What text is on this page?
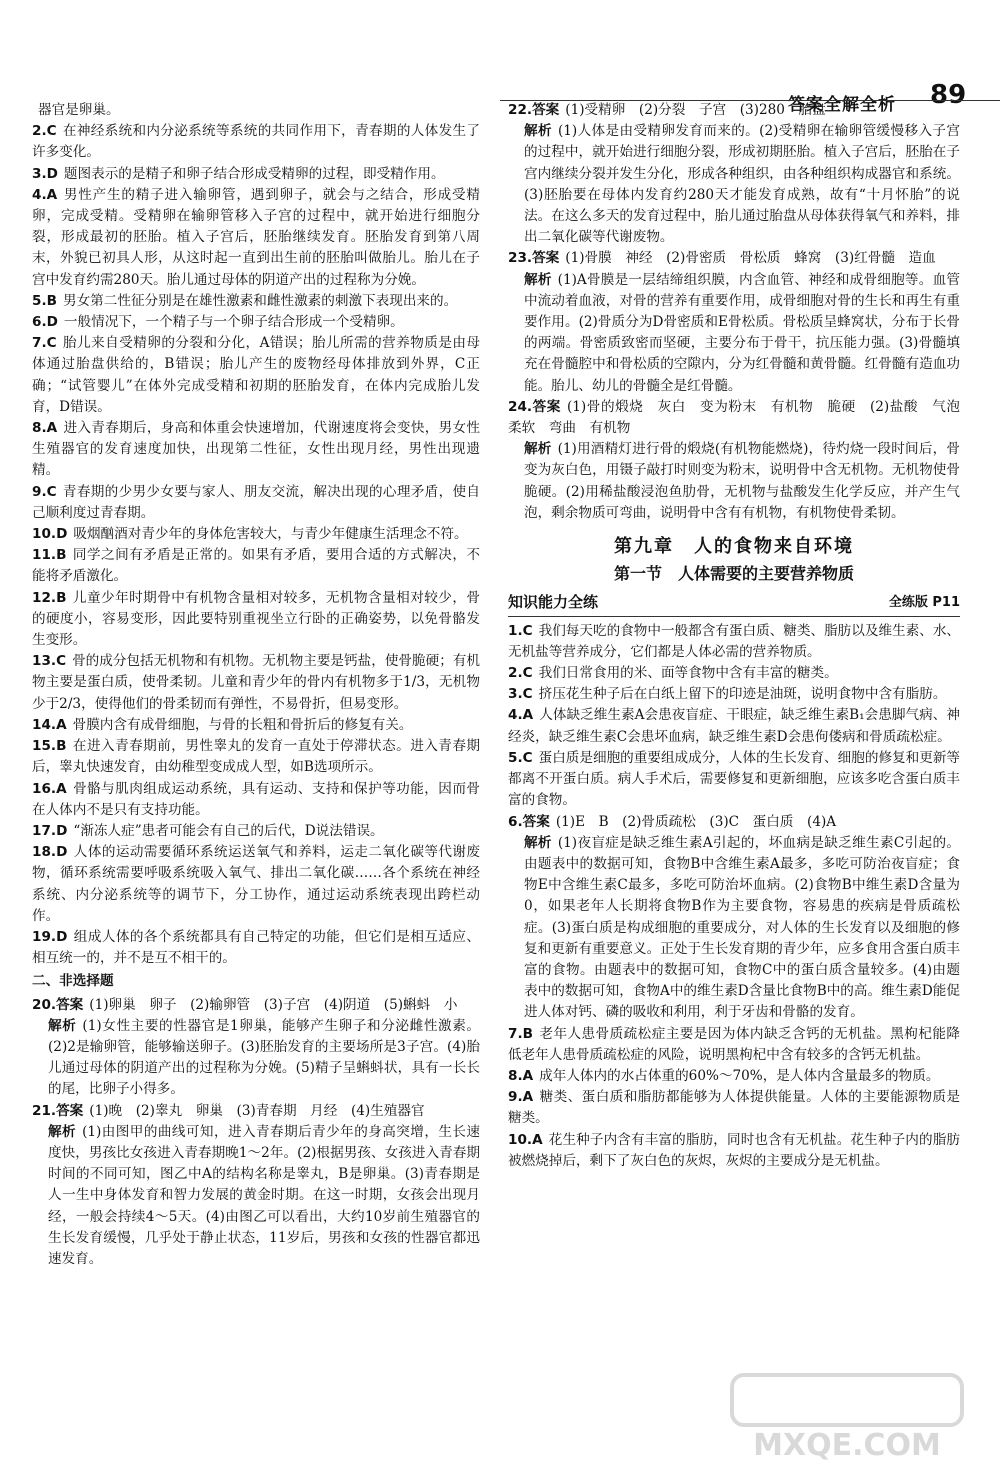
答案全解全析 89

器官是卵巢。

2.C 在神经系统和内分泌系统等系统的共同作用下，青春期的人体发生了许多变化。

3.D 题图表示的是精子和卵子结合形成受精卵的过程，即受精作用。

4.A 男性产生的精子进入输卵管，遇到卵子，就会与之结合，形成受精卵，完成受精。受精卵在输卵管移入子宫的过程中，就开始进行细胞分裂，形成最初的胚胎。植入子宫后，胚胎继续发育。胚胎发育到第八周末，外貌已初具人形，从这时起一直到出生前的胚胎叫做胎儿。胎儿在子宫中发育约需280天。胎儿通过母体的阴道产出的过程称为分娩。

5.B 男女第二性征分别是在雄性激素和雌性激素的刺激下表现出来的。

6.D 一般情况下，一个精子与一个卵子结合形成一个受精卵。

7.C 胎儿来自受精卵的分裂和分化，A错误；胎儿所需的营养物质是由母体通过胎盘供给的，B错误；胎儿产生的废物经母体排放到外界，C正确；“试管婴儿”在体外完成受精和初期的胚胎发育，在体内完成胎儿发育，D错误。

8.A 进入青春期后，身高和体重会快速增加，代谢速度将会变快，男女性生殖器官的发育速度加快，出现第二性征，女性出现月经，男性出现遗精。

9.C 青春期的少男少女要与家人、朋友交流，解决出现的心理矛盾，使自己顺利度过青春期。

10.D 吸烟酗酒对青少年的身体危害较大，与青少年健康生活理念不符。

11.B 同学之间有矛盾是正常的。如果有矛盾，要用合适的方式解决，不能将矛盾激化。

12.B 儿童少年时期骨中有机物含量相对较多，无机物含量相对较少，骨的硬度小，容易变形，因此要特别重视坐立行卧的正确姿势，以免骨骼发生变形。

13.C 骨的成分包括无机物和有机物。无机物主要是钙盐，使骨脆硬；有机物主要是蛋白质，使骨柔韧。儿童和青少年的骨内有机物多于1/3，无机物少于2/3，使得他们的骨柔韧而有弹性，不易骨折，但易变形。

14.A 骨膜内含有成骨细胞，与骨的长粗和骨折后的修复有关。

15.B 在进入青春期前，男性睾丸的发育一直处于停滞状态。进入青春期后，睾丸快速发育，由幼稚型变成成人型，如B选项所示。

16.A 骨骼与肌肉组成运动系统，具有运动、支持和保护等功能，因而骨在人体内不是只有支持功能。

17.D “渐冻人症”患者可能会有自己的后代，D说法错误。

18.D 人体的运动需要循环系统运送氧气和养料，运走二氧化碳等代谢废物，循环系统需要呼吸系统吸入氧气、排出二氧化碳……各个系统在神经系统、内分泌系统等的调节下，分工协作，通过运动系统表现出跨栏动作。

19.D 组成人体的各个系统都具有自己特定的功能，但它们是相互适应、相互统一的，并不是互不相干的。

二、非选择题

20.答案 (1)卵巢　卵子　(2)输卵管　(3)子宫　(4)阴道　(5)蝌蚪　小

解析 (1)女性主要的性器官是1卵巢，能够产生卵子和分泌雌性激素。(2)2是输卵管，能够输送卵子。(3)胚胎发育的主要场所是3子宫。(4)胎儿通过母体的阴道产出的过程称为分娩。(5)精子呈蝌蚪状，具有一长长的尾，比卵子小得多。

21.答案 (1)晚　(2)睾丸　卵巢　(3)青春期　月经　(4)生殖器官

解析 (1)由图甲的曲线可知，进入青春期后青少年的身高突增，生长速度快，男孩比女孩进入青春期晚1～2年。(2)根据男孩、女孩进入青春期时间的不同可知，图乙中A的结构名称是睾丸，B是卵巢。(3)青春期是人一生中身体发育和智力发展的黄金时期。在这一时期，女孩会出现月经，一般会持续4～5天。(4)由图乙可以看出，大约10岁前生殖器官的生长发育缓慢，几乎处于静止状态，11岁后，男孩和女孩的性器官都迅速发育。

22.答案 (1)受精卵　(2)分裂　子宫　(3)280　胎盘

解析 (1)人体是由受精卵发育而来的。(2)受精卵在输卵管缓慢移入子宫的过程中，就开始进行细胞分裂，形成初期胚胎。植入子宫后，胚胎在子宫内继续分裂并发生分化，形成各种组织，由各种组织构成器官和系统。(3)胚胎要在母体内发育约280天才能发育成熟，故有“十月怀胎”的说法。在这么多天的发育过程中，胎儿通过胎盘从母体获得氧气和养料，排出二氧化碳等代谢废物。

23.答案 (1)骨膜　神经　(2)骨密质　骨松质　蜂窝　(3)红骨髓　造血

解析 (1)A骨膜是一层结缔组织膜，内含血管、神经和成骨细胞等。血管中流动着血液，对骨的营养有重要作用，成骨细胞对骨的生长和再生有重要作用。(2)骨质分为D骨密质和E骨松质。骨松质呈蜂窝状，分布于长骨的两端。骨密质致密而坚硬，主要分布于骨干，抗压能力强。(3)骨髓填充在骨髓腔中和骨松质的空隙内，分为红骨髓和黄骨髓。红骨髓有造血功能。胎儿、幼儿的骨髓全是红骨髓。

24.答案 (1)骨的煅烧　灰白　变为粉末　有机物　脆硬　(2)盐酸　气泡　柔软　弯曲　有机物

解析 (1)用酒精灯进行骨的煅烧(有机物能燃烧)，待灼烧一段时间后，骨变为灰白色，用镊子敲打时则变为粉末，说明骨中含无机物。无机物使骨脆硬。(2)用稀盐酸浸泡鱼肋骨，无机物与盐酸发生化学反应，并产生气泡，剩余物质可弯曲，说明骨中含有有机物，有机物使骨柔韧。

第九章　人的食物来自环境

第一节　人体需要的主要营养物质

知识能力全练	全练版 P11

1.C 我们每天吃的食物中一般都含有蛋白质、糖类、脂肪以及维生素、水、无机盐等营养成分，它们都是人体必需的营养物质。

2.C 我们日常食用的米、面等食物中含有丰富的糖类。

3.C 挤压花生种子后在白纸上留下的印迹是油斑，说明食物中含有脂肪。

4.A 人体缺乏维生素A会患夜盲症、干眼症，缺乏维生素B₁会患脚气病、神经炎，缺乏维生素C会患坏血病，缺乏维生素D会患佝偻病和骨质疏松症。

5.C 蛋白质是细胞的重要组成成分，人体的生长发育、细胞的修复和更新等都离不开蛋白质。病人手术后，需要修复和更新细胞，应该多吃含蛋白质丰富的食物。

6.答案 (1)E　B　(2)骨质疏松　(3)C　蛋白质　(4)A

解析 (1)夜盲症是缺乏维生素A引起的，坏血病是缺乏维生素C引起的。由题表中的数据可知，食物B中含维生素A最多，多吃可防治夜盲症；食物E中含维生素C最多，多吃可防治坏血病。(2)食物B中维生素D含量为0，如果老年人长期将食物B作为主要食物，容易患的疾病是骨质疏松症。(3)蛋白质是构成细胞的重要成分，对人体的生长发育以及细胞的修复和更新有重要意义。正处于生长发育期的青少年，应多食用含蛋白质丰富的食物。由题表中的数据可知，食物C中的蛋白质含量较多。(4)由题表中的数据可知，食物A中的维生素D含量比食物B中的高。维生素D能促进人体对钙、磷的吸收和利用，利于牙齿和骨骼的发育。

7.B 老年人患骨质疏松症主要是因为体内缺乏含钙的无机盐。黑枸杞能降低老年人患骨质疏松症的风险，说明黑枸杞中含有较多的含钙无机盐。

8.A 成年人体内的水占体重的60%～70%，是人体内含量最多的物质。

9.A 糖类、蛋白质和脂肪都能够为人体提供能量。人体的主要能源物质是糖类。

10.A 花生种子内含有丰富的脂肪，同时也含有无机盐。花生种子内的脂肪被燃烧掉后，剩下了灰白色的灰烬，灰烬的主要成分是无机盐。

MXQE.COM
